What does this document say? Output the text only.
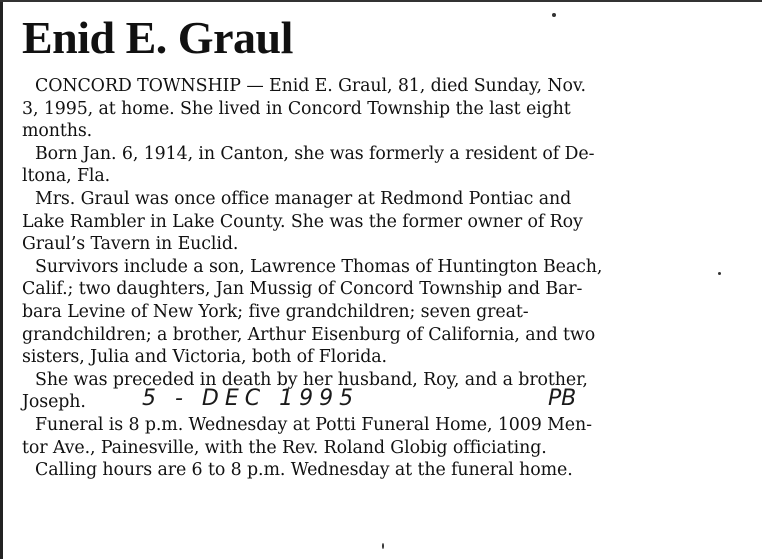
Enid E. Graul
CONCORD TOWNSHIP — Enid E. Graul, 81, died Sunday, Nov.
3, 1995, at home. She lived in Concord Township the last eight
months.
Born Jan. 6, 1914, in Canton, she was formerly a resident of De-
ltona, Fla.
Mrs. Graul was once office manager at Redmond Pontiac and
Lake Rambler in Lake County. She was the former owner of Roy
Graul’s Tavern in Euclid.
Survivors include a son, Lawrence Thomas of Huntington Beach,
Calif.; two daughters, Jan Mussig of Concord Township and Bar-
bara Levine of New York; five grandchildren; seven great-
grandchildren; a brother, Arthur Eisenburg of California, and two
sisters, Julia and Victoria, both of Florida.
She was preceded in death by her husband, Roy, and a brother,
Joseph.	5 - DEC 1995	PB
Funeral is 8 p.m. Wednesday at Potti Funeral Home, 1009 Men-
tor Ave., Painesville, with the Rev. Roland Globig officiating.
Calling hours are 6 to 8 p.m. Wednesday at the funeral home.
